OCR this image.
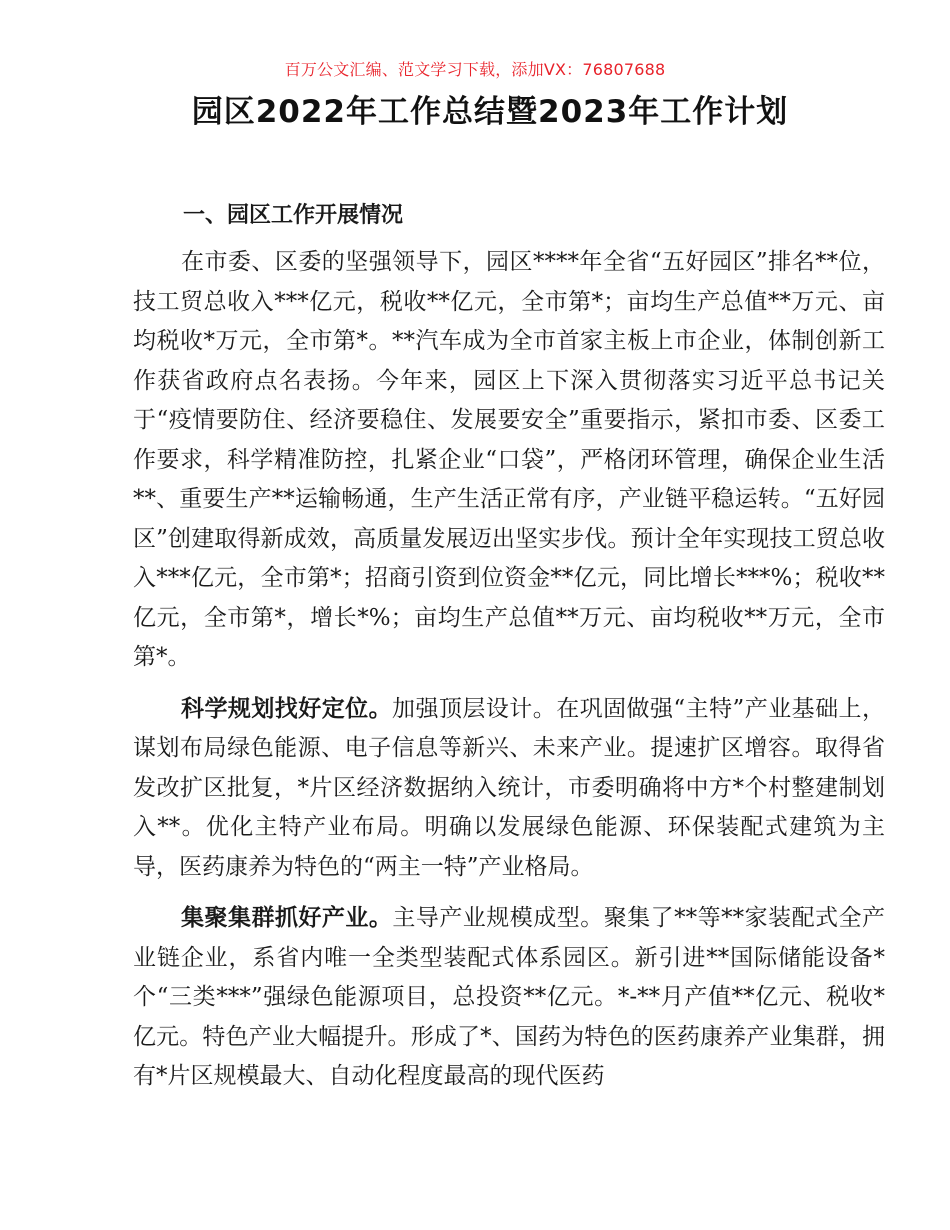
百万公文汇编、范文学习下载，添加VX：76807688
园区2022年工作总结暨2023年工作计划

一、园区工作开展情况

在市委、区委的坚强领导下，园区****年全省“五好园区”排名**位，技工贸总收入***亿元，税收**亿元，全市第*；亩均生产总值**万元、亩均税收*万元，全市第*。**汽车成为全市首家主板上市企业，体制创新工作获省政府点名表扬。今年来，园区上下深入贯彻落实习近平总书记关于“疫情要防住、经济要稳住、发展要安全”重要指示，紧扣市委、区委工作要求，科学精准防控，扎紧企业“口袋”，严格闭环管理，确保企业生活**、重要生产**运输畅通，生产生活正常有序，产业链平稳运转。“五好园区”创建取得新成效，高质量发展迈出坚实步伐。预计全年实现技工贸总收入***亿元，全市第*；招商引资到位资金**亿元，同比增长***%；税收**亿元，全市第*，增长*%；亩均生产总值**万元、亩均税收**万元，全市第*。

科学规划找好定位。加强顶层设计。在巩固做强“主特”产业基础上，谋划布局绿色能源、电子信息等新兴、未来产业。提速扩区增容。取得省发改扩区批复，*片区经济数据纳入统计，市委明确将中方*个村整建制划入**。优化主特产业布局。明确以发展绿色能源、环保装配式建筑为主导，医药康养为特色的“两主一特”产业格局。

集聚集群抓好产业。主导产业规模成型。聚集了**等**家装配式全产业链企业，系省内唯一全类型装配式体系园区。新引进**国际储能设备*个“三类***”强绿色能源项目，总投资**亿元。*-**月产值**亿元、税收*亿元。特色产业大幅提升。形成了*、国药为特色的医药康养产业集群，拥有*片区规模最大、自动化程度最高的现代医药
